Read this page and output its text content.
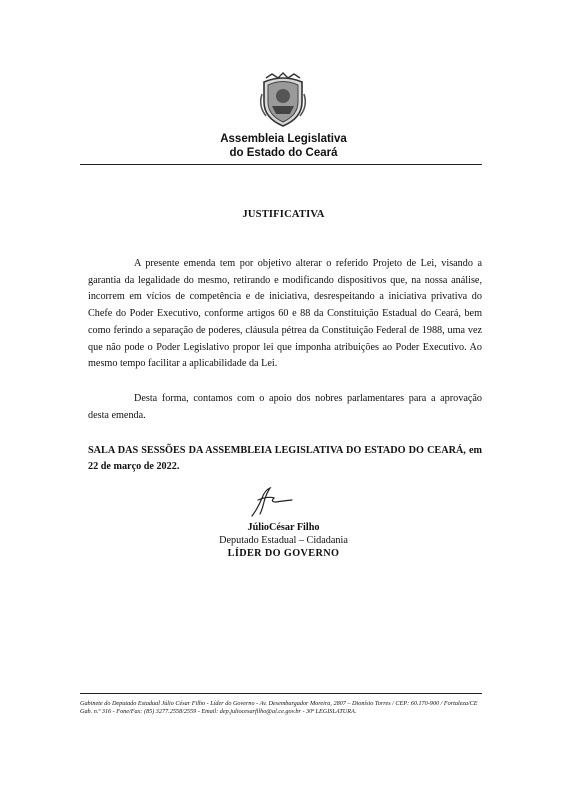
Assembleia Legislativa
do Estado do Ceará
JUSTIFICATIVA

A presente emenda tem por objetivo alterar o referido Projeto de Lei, visando a garantia da legalidade do mesmo, retirando e modificando dispositivos que, na nossa análise, incorrem em vícios de competência e de iniciativa, desrespeitando a iniciativa privativa do Chefe do Poder Executivo, conforme artigos 60 e 88 da Constituição Estadual do Ceará, bem como ferindo a separação de poderes, cláusula pétrea da Constituição Federal de 1988, uma vez que não pode o Poder Legislativo propor lei que imponha atribuições ao Poder Executivo. Ao mesmo tempo facilitar a aplicabilidade da Lei.

Desta forma, contamos com o apoio dos nobres parlamentares para a aprovação desta emenda.

SALA DAS SESSÕES DA ASSEMBLEIA LEGISLATIVA DO ESTADO DO CEARÁ, em 22 de março de 2022.
JúlioCésar Filho
Deputado Estadual – Cidadania
LÍDER DO GOVERNO
Gabinete do Deputado Estadual Júlio César Filho - Líder do Governo - Av. Desembargador Moreira, 2807 – Dionísio Torres / CEP: 60.170-900 / Fortaleza/CE Gab. n.º 316 - Fone/Fax: (85) 3277.2558/2559 - Email: dep.juliocesarfilho@al.ce.gov.br - 30ª LEGISLATURA.
